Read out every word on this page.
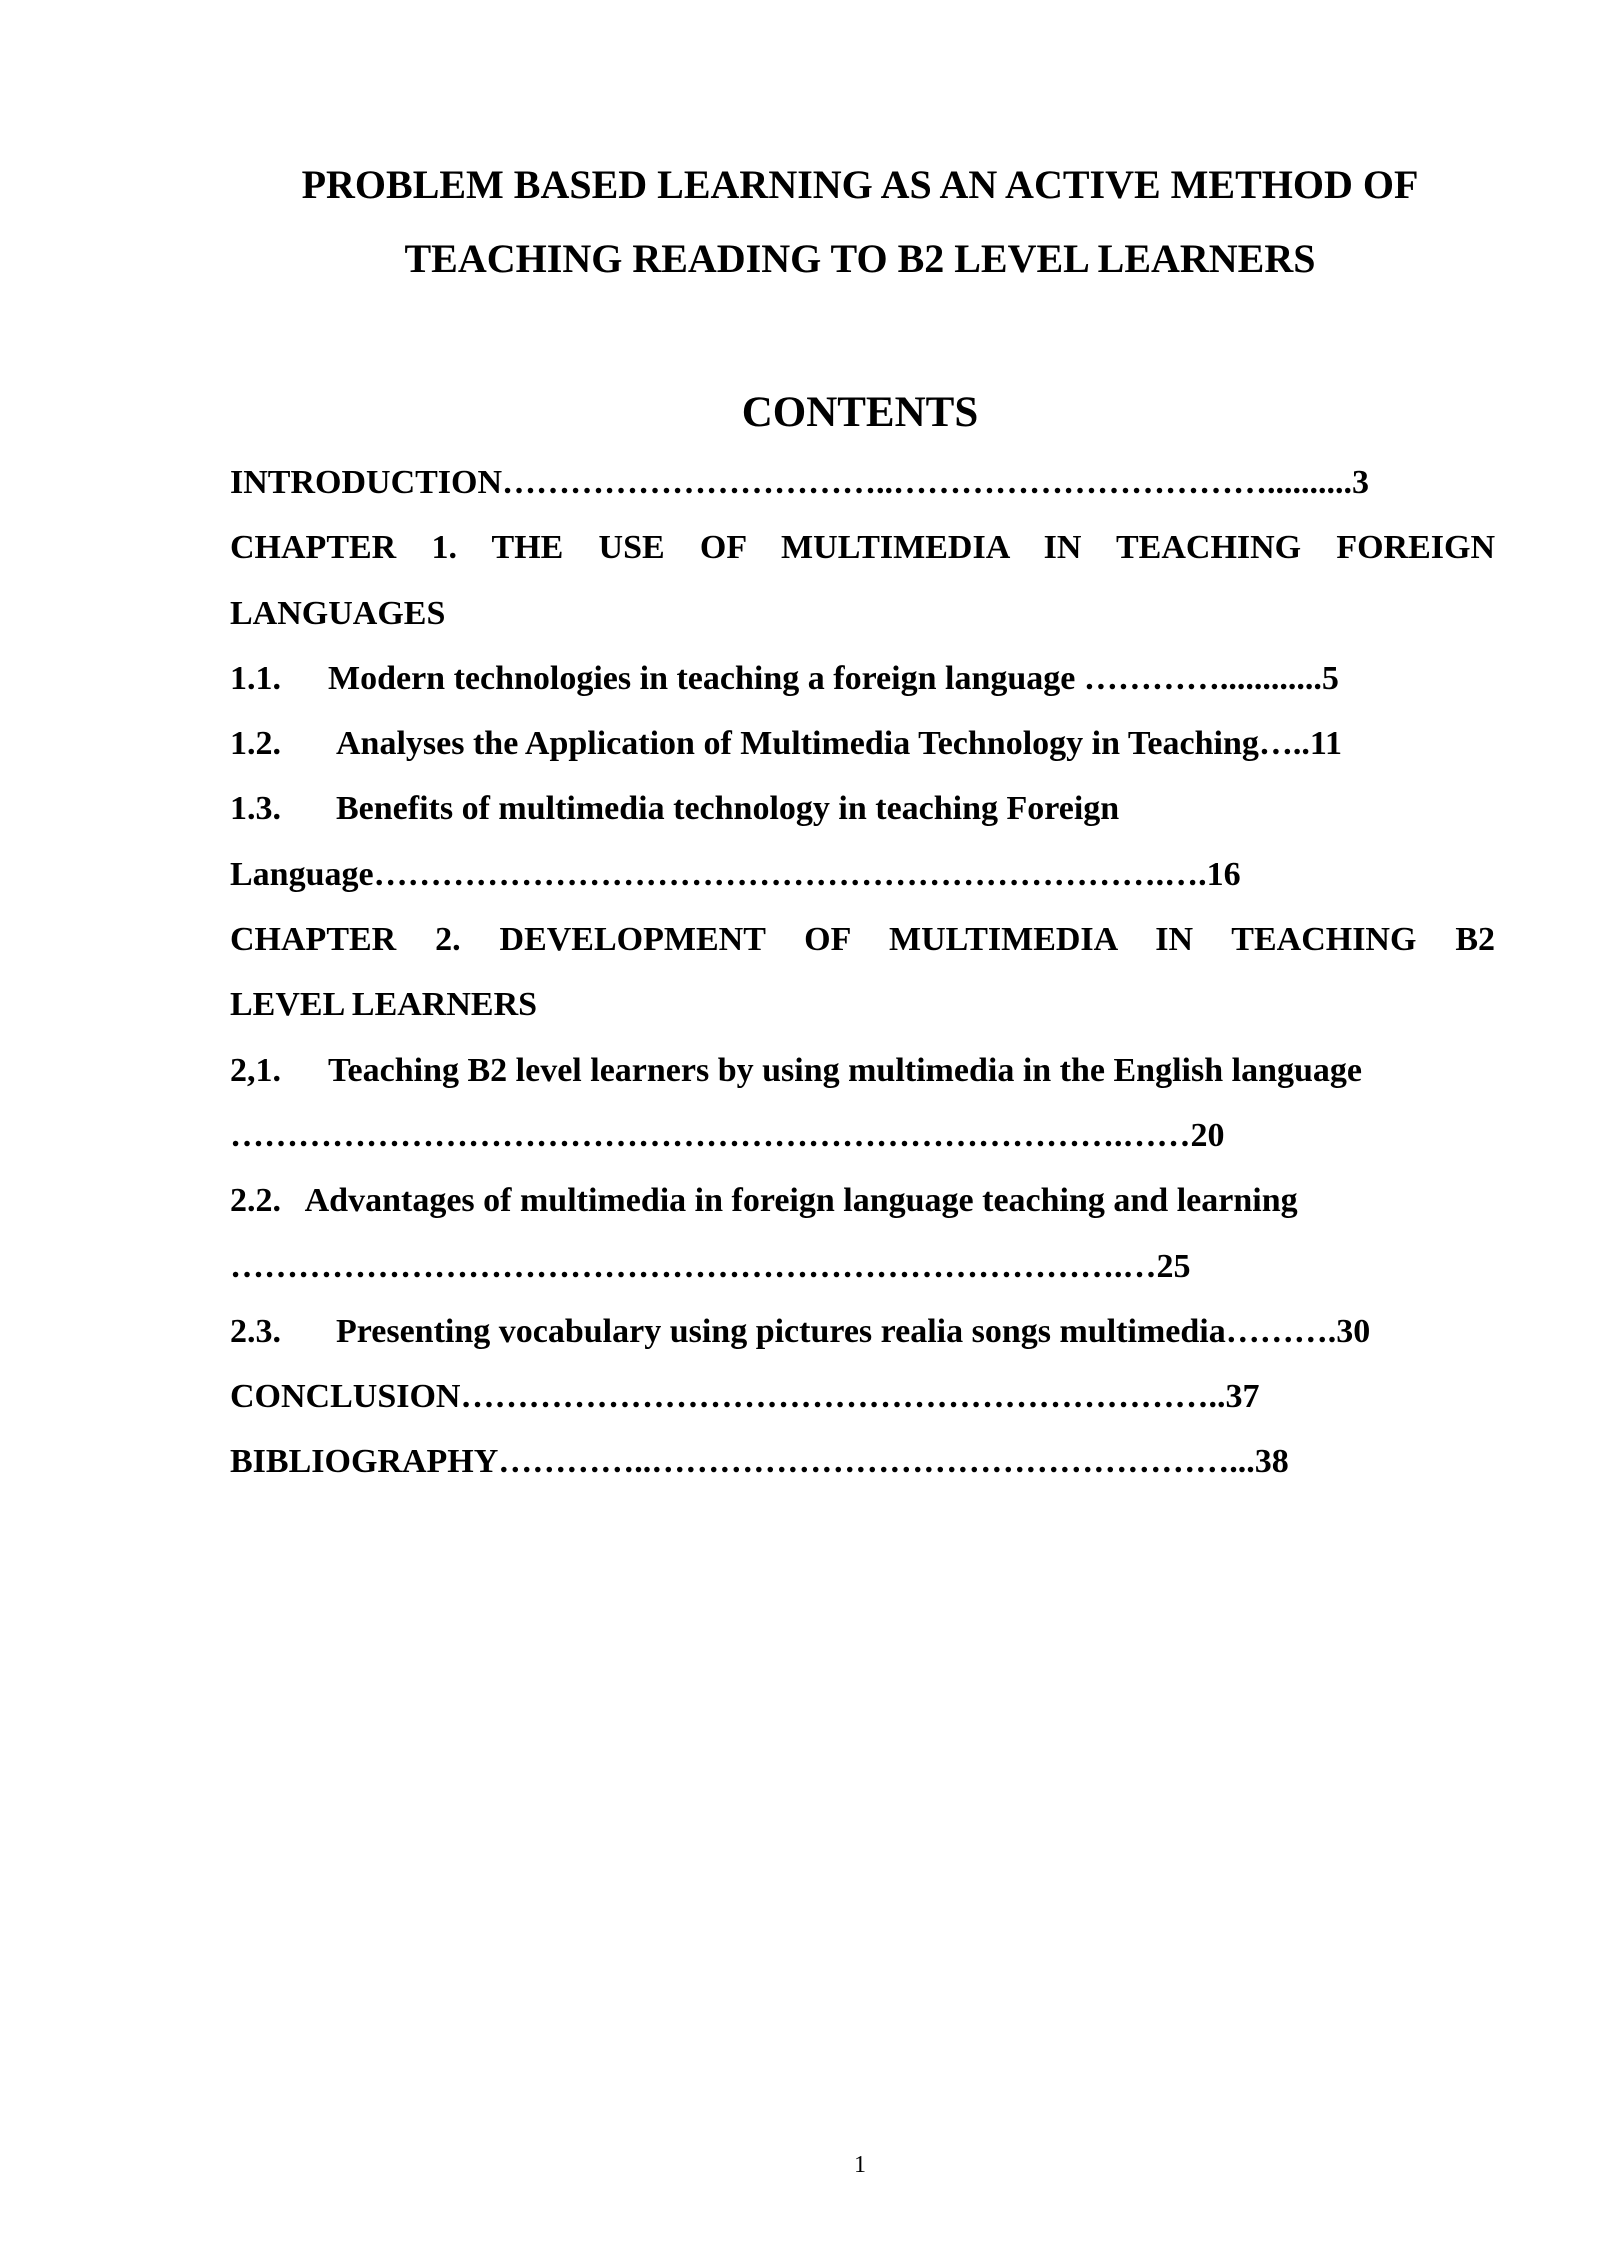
PROBLEM BASED LEARNING AS AN ACTIVE METHOD OF
TEACHING READING TO B2 LEVEL LEARNERS
CONTENTS
INTRODUCTION……………………………..……………………………..........3
CHAPTER 1. THE USE OF MULTIMEDIA IN TEACHING FOREIGN
LANGUAGES
1.1. Modern technologies in teaching a foreign language …………............5
1.2. Analyses the Application of Multimedia Technology in Teaching…..11
1.3. Benefits of multimedia technology in teaching Foreign
Language…………………………………………………………….….16
CHAPTER 2. DEVELOPMENT OF MULTIMEDIA IN TEACHING B2
LEVEL LEARNERS
2,1. Teaching B2 level learners by using multimedia in the English language
…………………………………………………………………….……20
2.2.   Advantages of multimedia in foreign language teaching and learning
…………………………………………………………………….…25
2.3. Presenting vocabulary using pictures realia songs multimedia……….30
CONCLUSION…………………………………………………………..37
BIBLIOGRAPHY…………..……………………………………………...38
1
